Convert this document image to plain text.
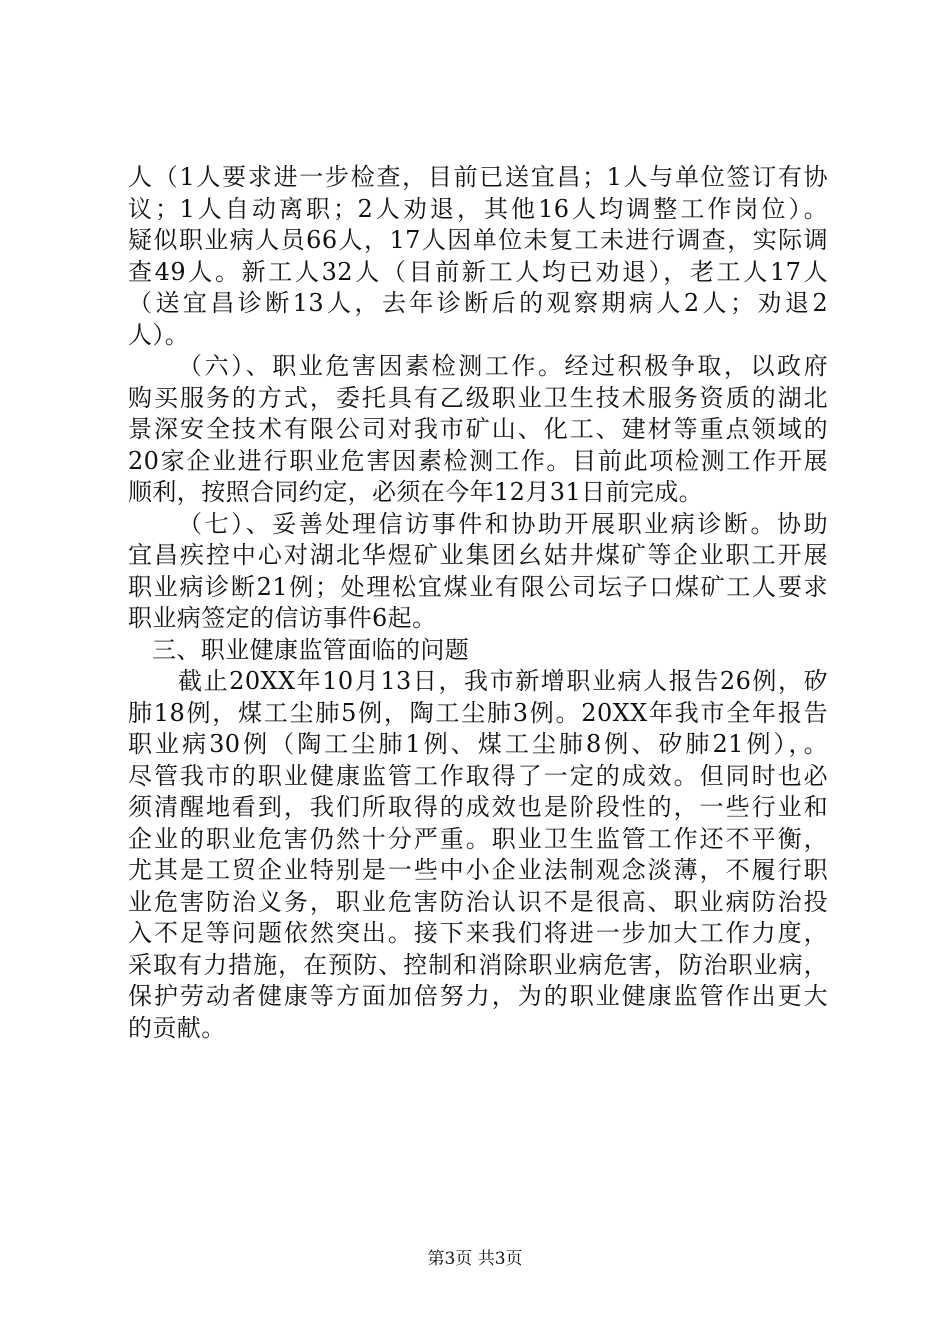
人（1人要求进一步检查，目前已送宜昌；1人与单位签订有协
议；1人自动离职；2人劝退，其他16人均调整工作岗位）。
疑似职业病人员66人，17人因单位未复工未进行调查，实际调
查49人。新工人32人（目前新工人均已劝退），老工人17人
（送宜昌诊断13人，去年诊断后的观察期病人2人；劝退2
人）。
（六）、职业危害因素检测工作。经过积极争取，以政府
购买服务的方式，委托具有乙级职业卫生技术服务资质的湖北
景深安全技术有限公司对我市矿山、化工、建材等重点领域的
20家企业进行职业危害因素检测工作。目前此项检测工作开展
顺利，按照合同约定，必须在今年12月31日前完成。
（七）、妥善处理信访事件和协助开展职业病诊断。协助
宜昌疾控中心对湖北华煜矿业集团幺姑井煤矿等企业职工开展
职业病诊断21例；处理松宜煤业有限公司坛子口煤矿工人要求
职业病签定的信访事件6起。
三、职业健康监管面临的问题
截止20XX年10月13日，我市新增职业病人报告26例，矽
肺18例，煤工尘肺5例，陶工尘肺3例。20XX年我市全年报告
职业病30例（陶工尘肺1例、煤工尘肺8例、矽肺21例），。
尽管我市的职业健康监管工作取得了一定的成效。但同时也必
须清醒地看到，我们所取得的成效也是阶段性的，一些行业和
企业的职业危害仍然十分严重。职业卫生监管工作还不平衡，
尤其是工贸企业特别是一些中小企业法制观念淡薄，不履行职
业危害防治义务，职业危害防治认识不是很高、职业病防治投
入不足等问题依然突出。接下来我们将进一步加大工作力度，
采取有力措施，在预防、控制和消除职业病危害，防治职业病，
保护劳动者健康等方面加倍努力，为的职业健康监管作出更大
的贡献。
第3页 共3页
